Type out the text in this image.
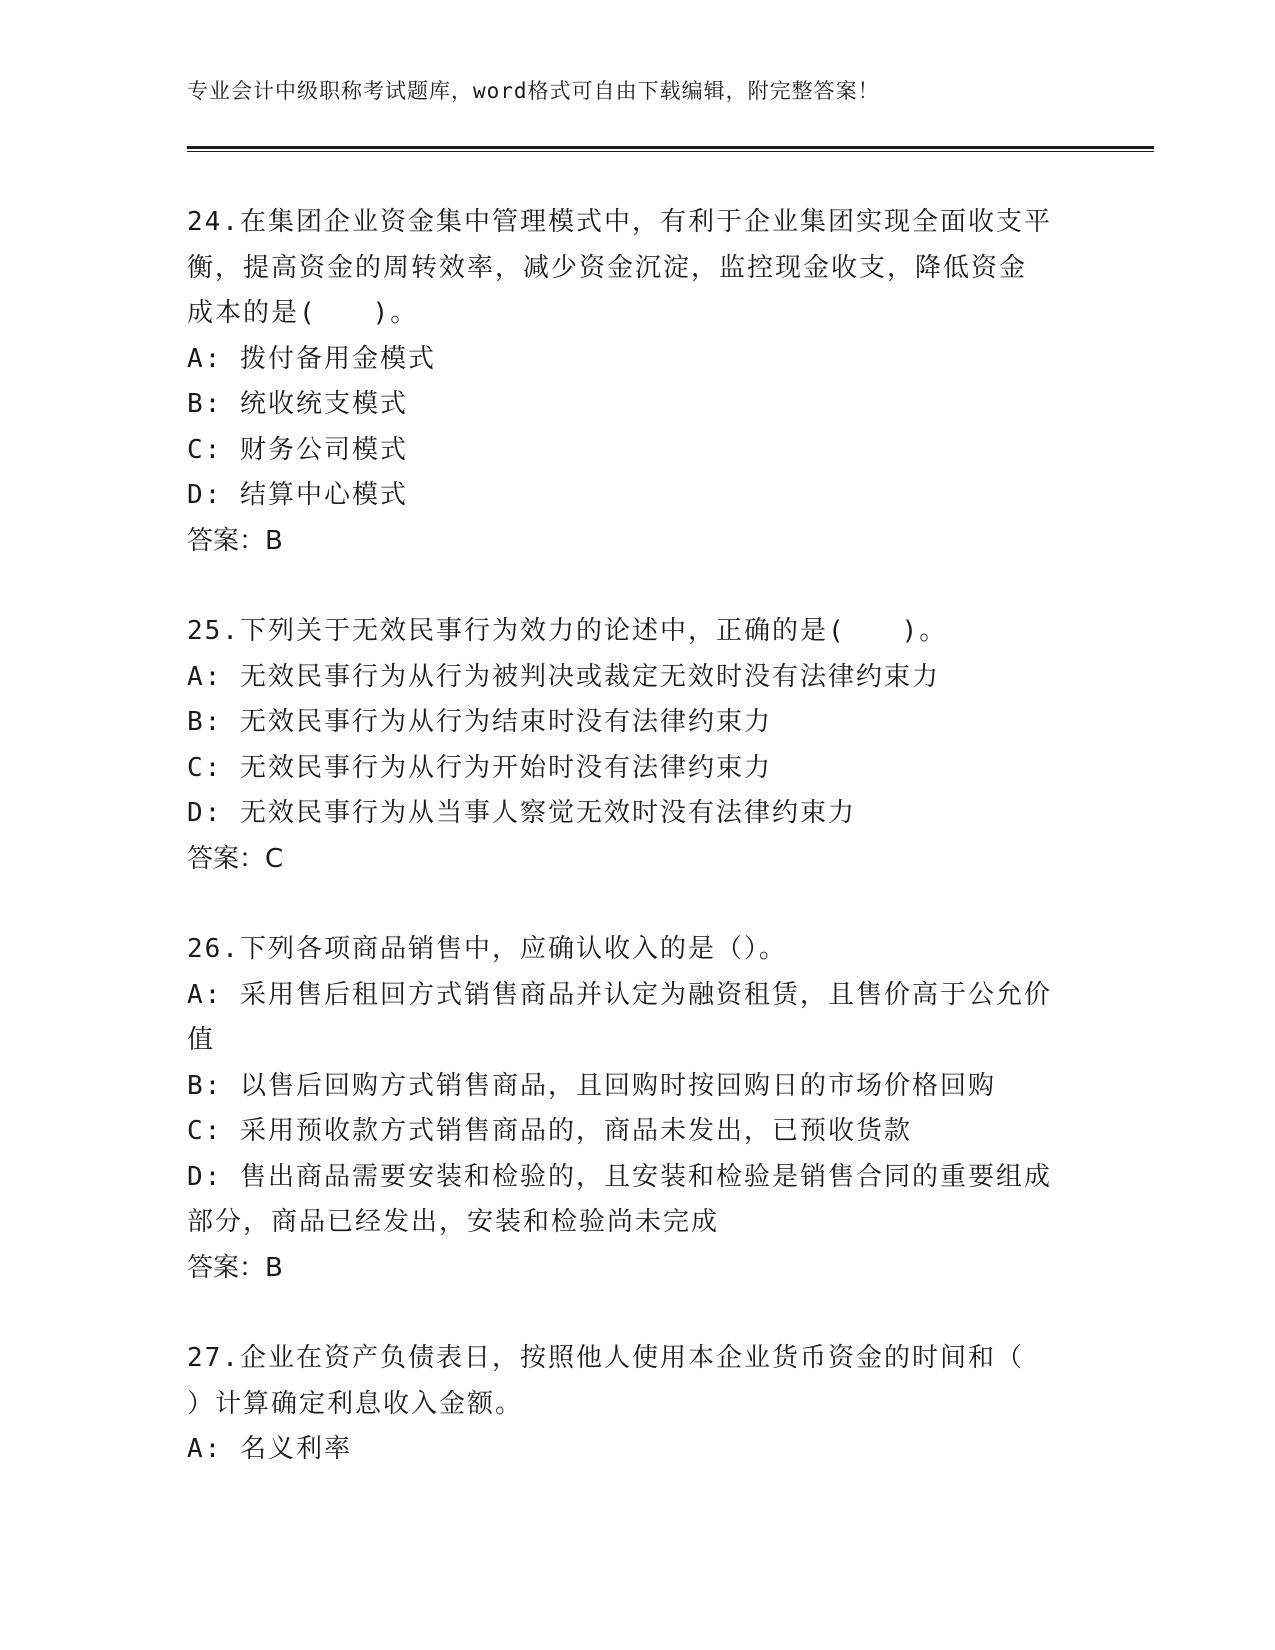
专业会计中级职称考试题库，word格式可自由下载编辑，附完整答案！
24.在集团企业资金集中管理模式中，有利于企业集团实现全面收支平
衡，提高资金的周转效率，减少资金沉淀，监控现金收支，降低资金
成本的是(　　)。
A: 拨付备用金模式
B: 统收统支模式
C: 财务公司模式
D: 结算中心模式
答案：B
25.下列关于无效民事行为效力的论述中，正确的是(　　)。
A: 无效民事行为从行为被判决或裁定无效时没有法律约束力
B: 无效民事行为从行为结束时没有法律约束力
C: 无效民事行为从行为开始时没有法律约束力
D: 无效民事行为从当事人察觉无效时没有法律约束力
答案：C
26.下列各项商品销售中，应确认收入的是（）。
A: 采用售后租回方式销售商品并认定为融资租赁，且售价高于公允价
值
B: 以售后回购方式销售商品，且回购时按回购日的市场价格回购
C: 采用预收款方式销售商品的，商品未发出，已预收货款
D: 售出商品需要安装和检验的，且安装和检验是销售合同的重要组成
部分，商品已经发出，安装和检验尚未完成
答案：B
27.企业在资产负债表日，按照他人使用本企业货币资金的时间和（
）计算确定利息收入金额。
A: 名义利率
